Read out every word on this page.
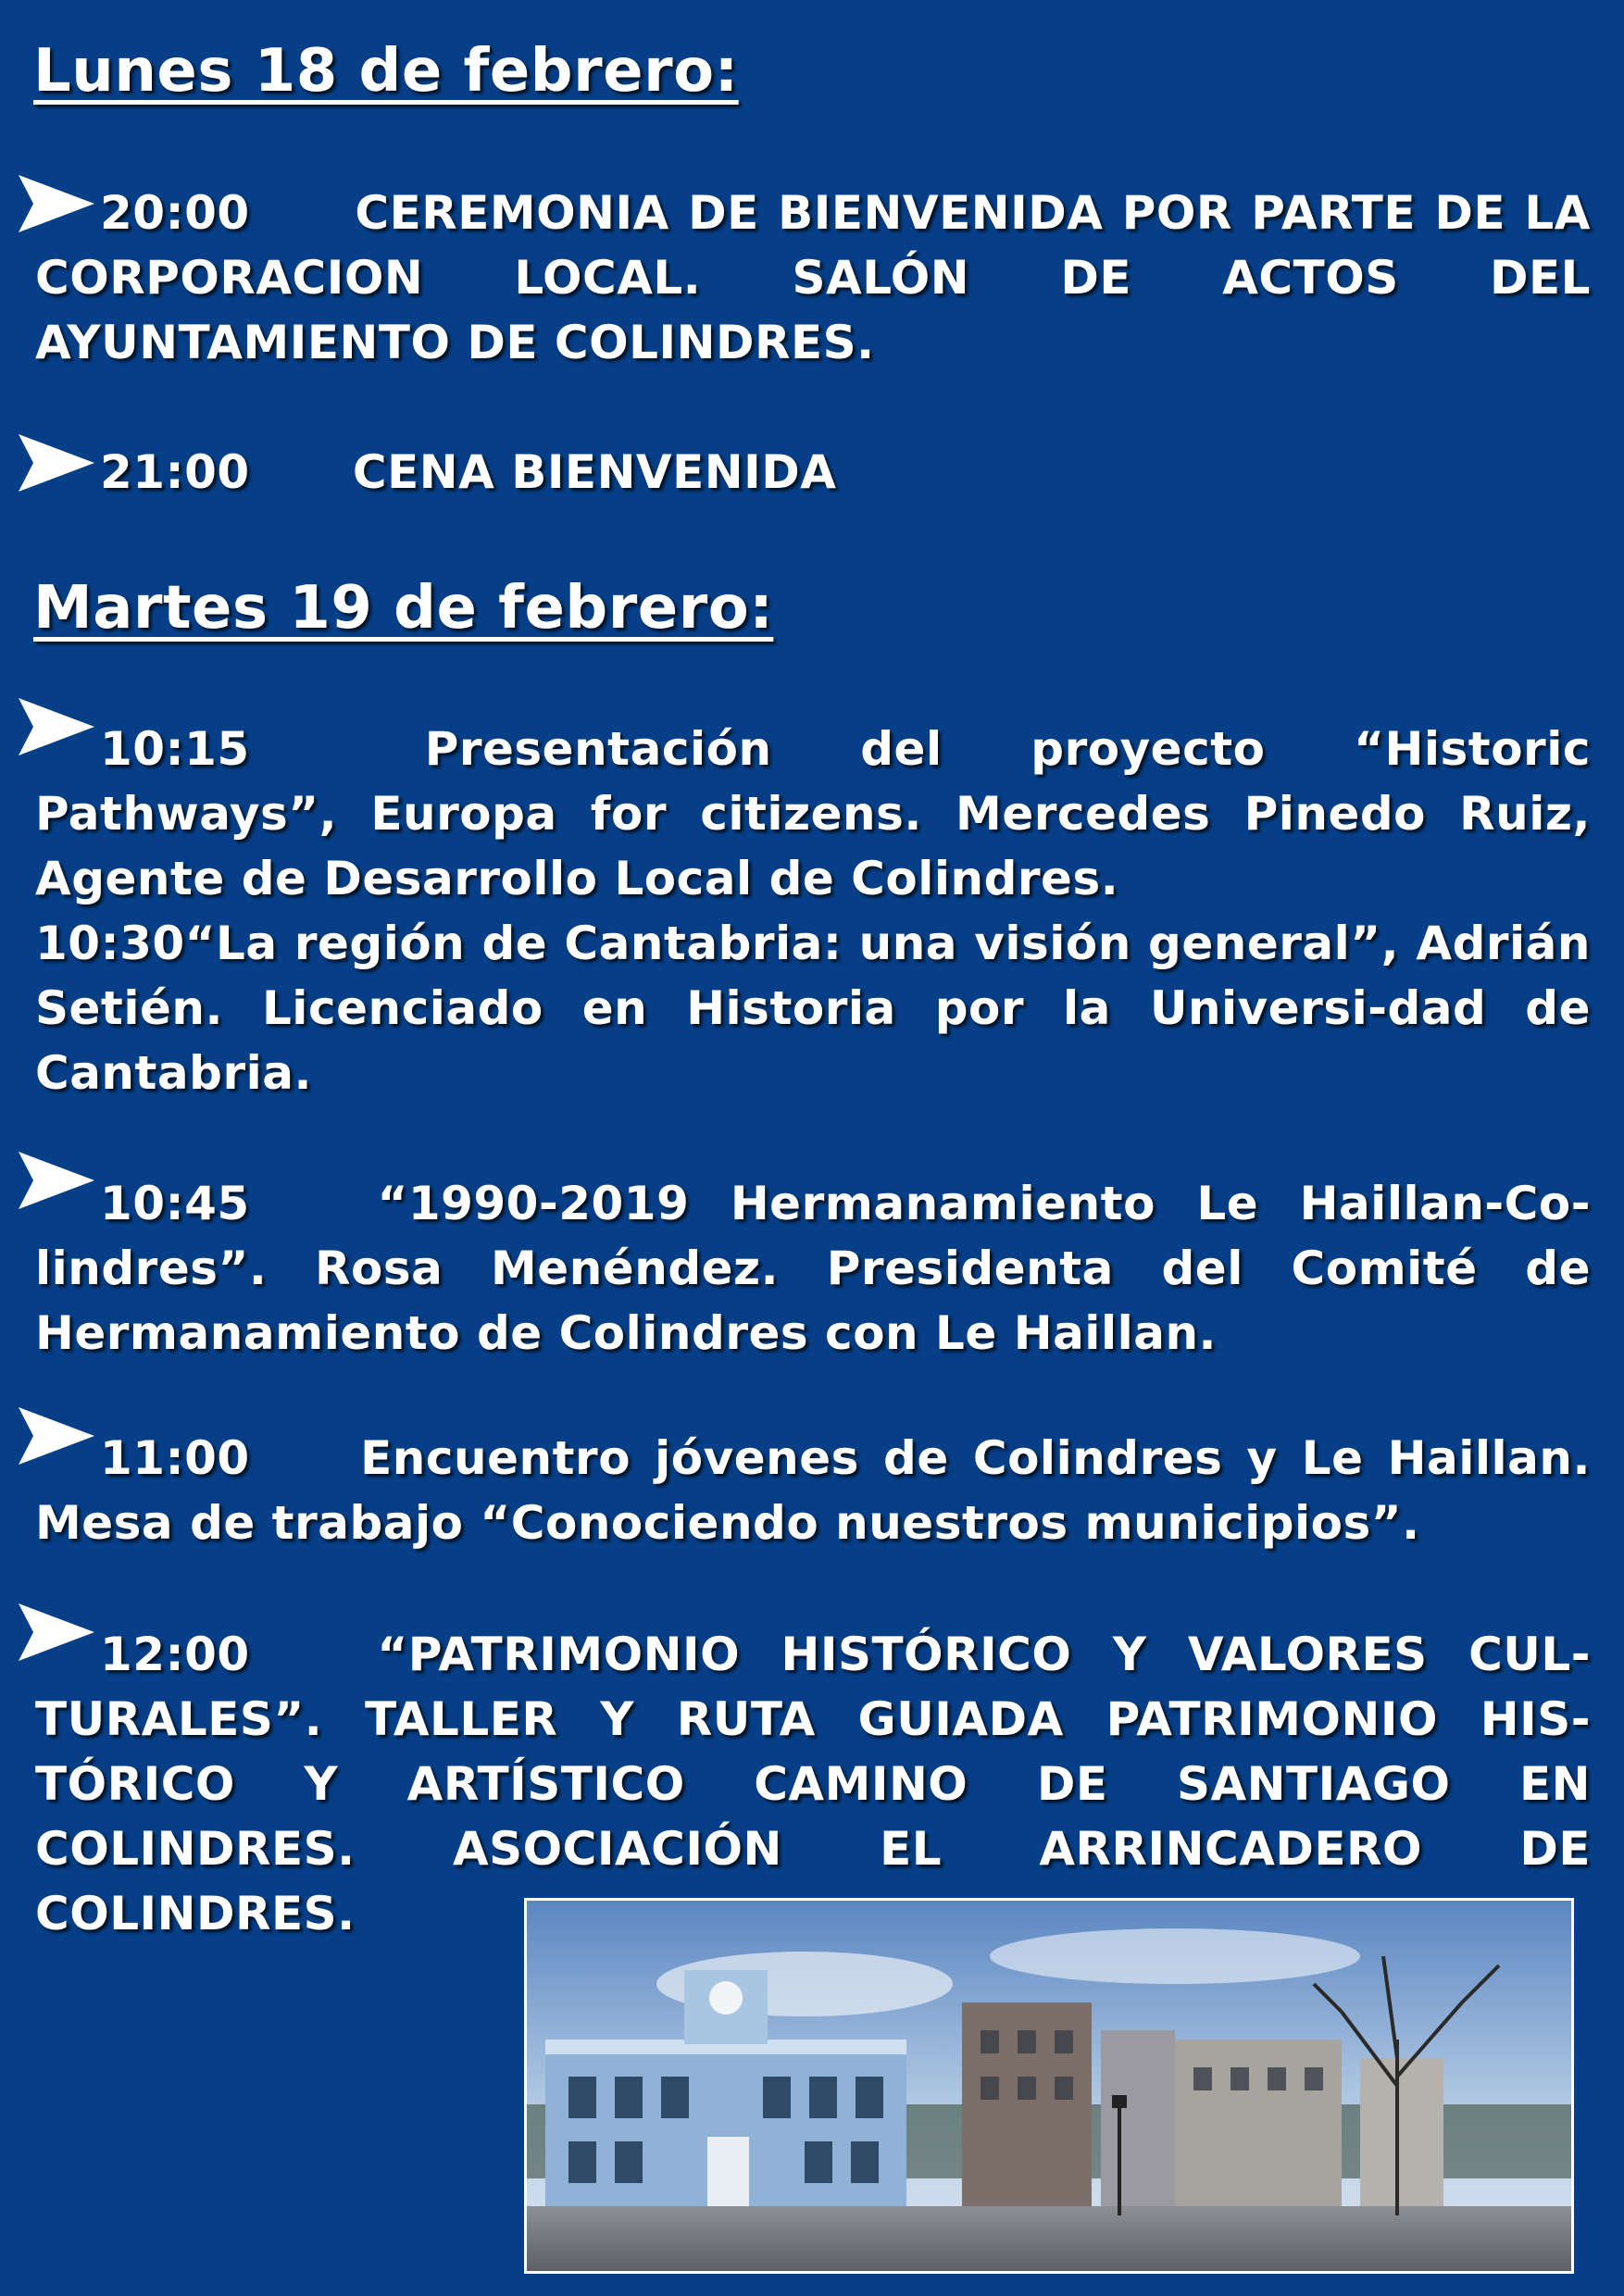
Lunes 18 de febrero:

20:00 CEREMONIA DE BIENVENIDA POR PARTE DE LA CORPORACION LOCAL. SALÓN DE ACTOS DEL AYUNTAMIENTO DE COLINDRES.

21:00 CENA BIENVENIDA

Martes 19 de febrero:

10:15	Presentación del proyecto “Historic Pathways”, Europa for citizens. Mercedes Pinedo Ruiz, Agente de Desarrollo Local de Colindres.

10:30“La región de Cantabria: una visión general”, Adrián Setién. Licenciado en Historia por la Universi-dad de Cantabria.

10:45	“1990-2019 Hermanamiento Le Haillan-Co-lindres”. Rosa Menéndez. Presidenta del Comité de Hermanamiento de Colindres con Le Haillan.

11:00 Encuentro jóvenes de Colindres y Le Haillan. Mesa de trabajo “Conociendo nuestros municipios”.

12:00	“PATRIMONIO HISTÓRICO Y VALORES CUL-TURALES”. TALLER Y RUTA GUIADA PATRIMONIO HIS-TÓRICO Y ARTÍSTICO CAMINO DE SANTIAGO EN COLINDRES. ASOCIACIÓN EL ARRINCADERO DE COLINDRES.
